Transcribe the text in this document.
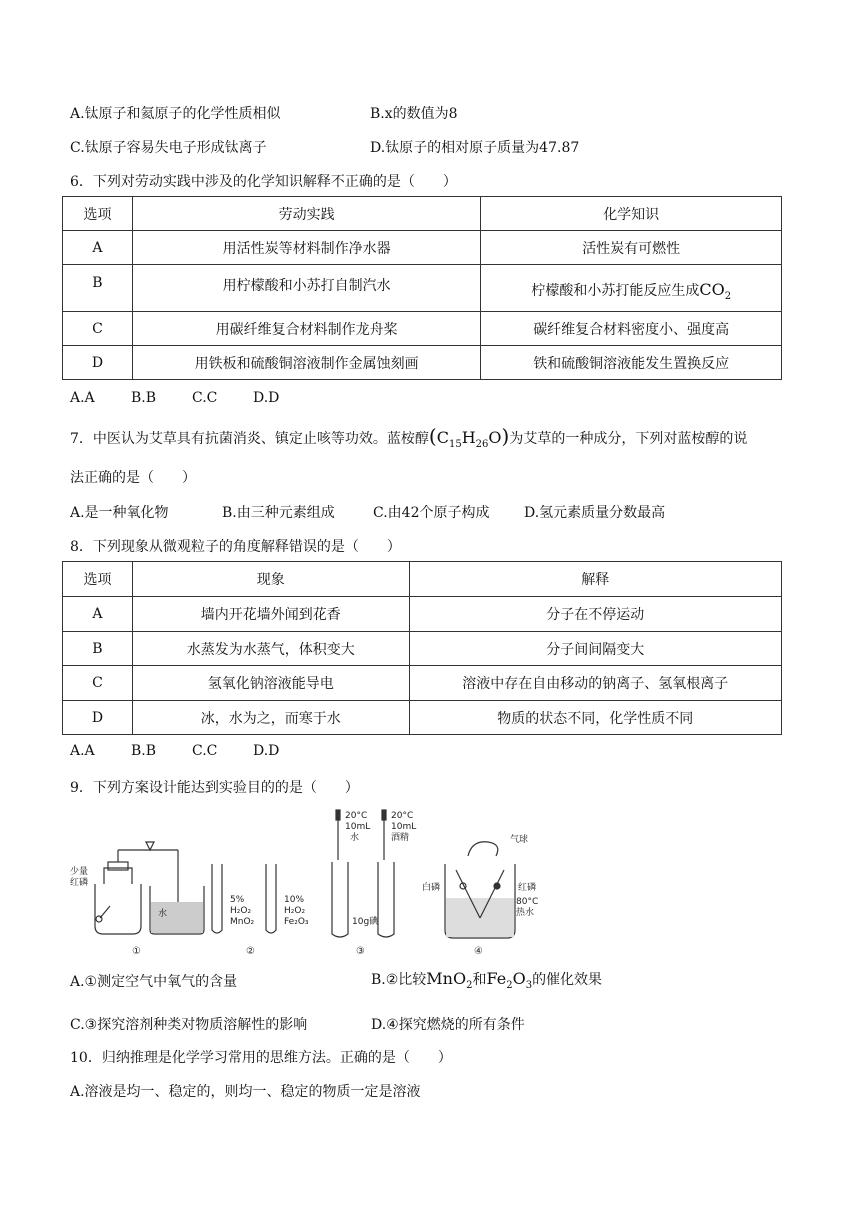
A.钛原子和氦原子的化学性质相似	B.x的数值为8
C.钛原子容易失电子形成钛离子	D.钛原子的相对原子质量为47.87
6．下列对劳动实践中涉及的化学知识解释不正确的是（　　）
选项	劳动实践	化学知识
A	用活性炭等材料制作净水器	活性炭有可燃性
B	用柠檬酸和小苏打自制汽水	柠檬酸和小苏打能反应生成$CO_2$
C	用碳纤维复合材料制作龙舟桨	碳纤维复合材料密度小、强度高
D	用铁板和硫酸铜溶液制作金属蚀刻画	铁和硫酸铜溶液能发生置换反应
A.A	B.B	C.C	D.D
7．中医认为艾草具有抗菌消炎、镇定止咳等功效。蓝桉醇$(C_{15}H_{26}O)$为艾草的一种成分，下列对蓝桉醇的说
法正确的是（　　）
A.是一种氧化物	B.由三种元素组成	C.由42个原子构成 D.氢元素质量分数最高
8．下列现象从微观粒子的角度解释错误的是（　　）
选项	现象	解释
A	墙内开花墙外闻到花香	分子在不停运动
B	水蒸发为水蒸气，体积变大	分子间间隔变大
C	氢氧化钠溶液能导电	溶液中存在自由移动的钠离子、氢氧根离子
D	冰，水为之，而寒于水	物质的状态不同，化学性质不同
A.A	B.B	C.C	D.D
9．下列方案设计能达到实验目的的是（　　）
少量
红磷
水
①
5%
H₂O₂
MnO₂
10%
H₂O₂
Fe₂O₃
②
20°C
10mL
水
20°C
10mL
酒精
10g碘
③
气球
白磷	红磷
80°C
热水
④
A.①测定空气中氧气的含量	B.②比较MnO$_2$和$Fe_2O_3$的催化效果
C.③探究溶剂种类对物质溶解性的影响	D.④探究燃烧的所有条件
10．归纳推理是化学学习常用的思维方法。正确的是（　　）
A.溶液是均一、稳定的，则均一、稳定的物质一定是溶液
